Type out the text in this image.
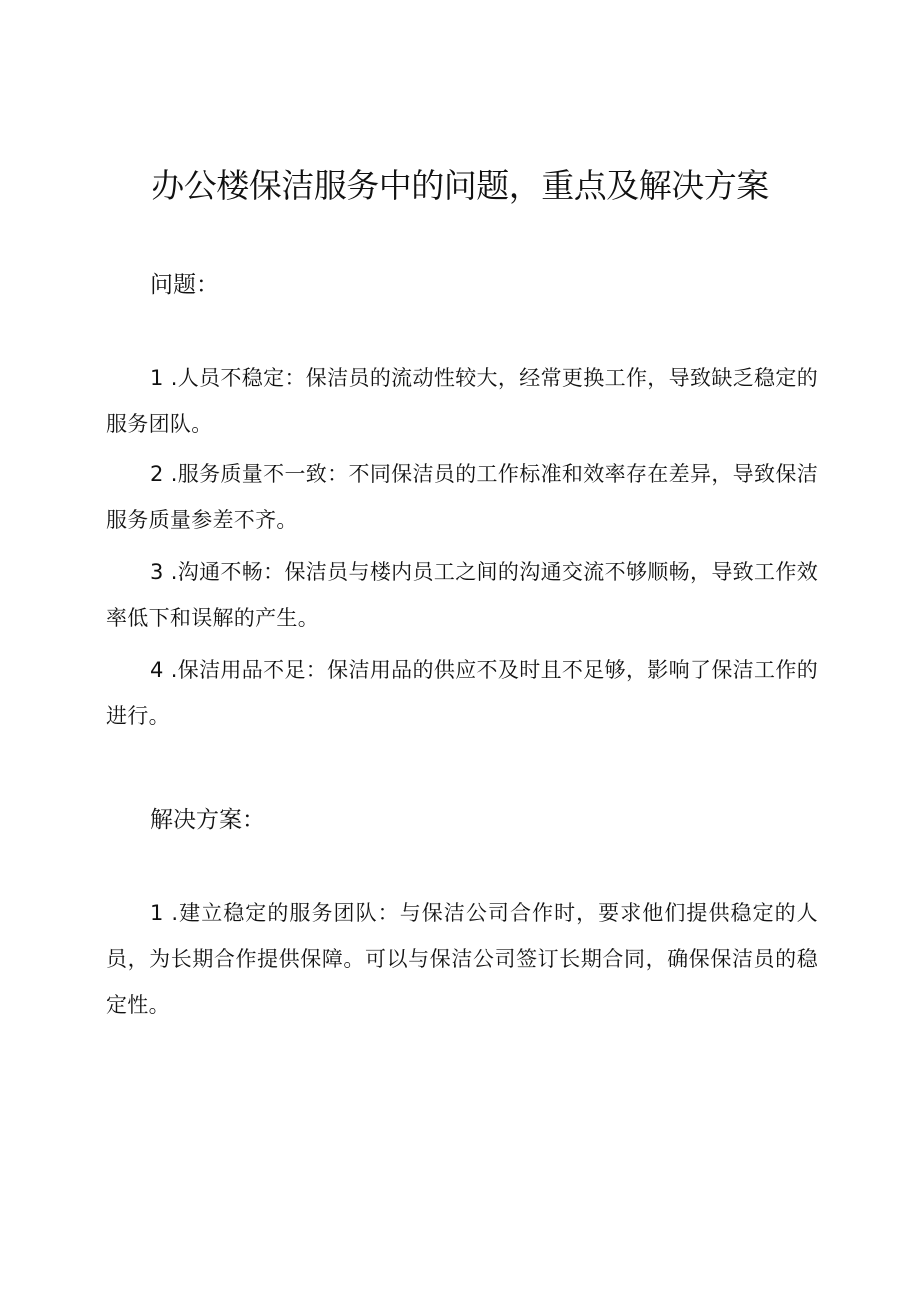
办公楼保洁服务中的问题，重点及解决方案
问题：
1 .人员不稳定：保洁员的流动性较大，经常更换工作，导致缺乏稳定的服务团队。
2 .服务质量不一致：不同保洁员的工作标准和效率存在差异，导致保洁服务质量参差不齐。
3 .沟通不畅：保洁员与楼内员工之间的沟通交流不够顺畅，导致工作效率低下和误解的产生。
4 .保洁用品不足：保洁用品的供应不及时且不足够，影响了保洁工作的进行。
解决方案：
1 .建立稳定的服务团队：与保洁公司合作时，要求他们提供稳定的人员，为长期合作提供保障。可以与保洁公司签订长期合同，确保保洁员的稳定性。
